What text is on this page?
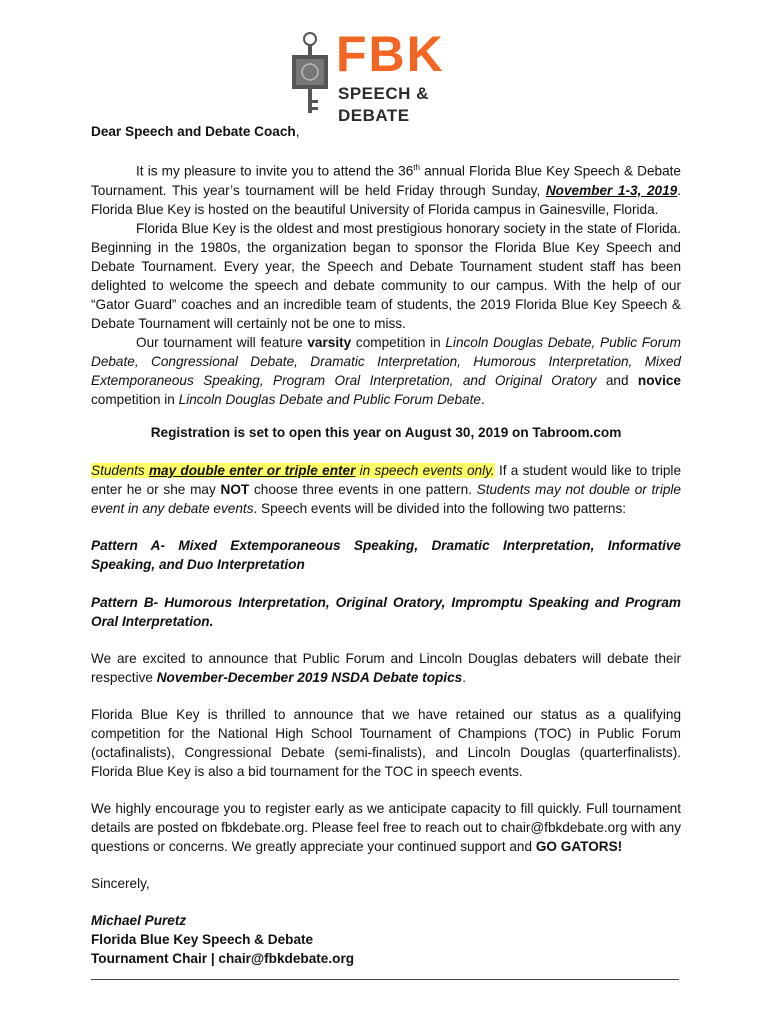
FBK
SPEECH & DEBATE

Dear Speech and Debate Coach,

It is my pleasure to invite you to attend the 36th annual Florida Blue Key Speech & Debate Tournament. This year’s tournament will be held Friday through Sunday, November 1-3, 2019. Florida Blue Key is hosted on the beautiful University of Florida campus in Gainesville, Florida.

Florida Blue Key is the oldest and most prestigious honorary society in the state of Florida. Beginning in the 1980s, the organization began to sponsor the Florida Blue Key Speech and Debate Tournament. Every year, the Speech and Debate Tournament student staff has been delighted to welcome the speech and debate community to our campus. With the help of our “Gator Guard” coaches and an incredible team of students, the 2019 Florida Blue Key Speech & Debate Tournament will certainly not be one to miss.

Our tournament will feature varsity competition in Lincoln Douglas Debate, Public Forum Debate, Congressional Debate, Dramatic Interpretation, Humorous Interpretation, Mixed Extemporaneous Speaking, Program Oral Interpretation, and Original Oratory and novice competition in Lincoln Douglas Debate and Public Forum Debate.

Registration is set to open this year on August 30, 2019 on Tabroom.com

Students may double enter or triple enter in speech events only. If a student would like to triple enter he or she may NOT choose three events in one pattern. Students may not double or triple event in any debate events. Speech events will be divided into the following two patterns:

Pattern A- Mixed Extemporaneous Speaking, Dramatic Interpretation, Informative Speaking, and Duo Interpretation

Pattern B- Humorous Interpretation, Original Oratory, Impromptu Speaking and Program Oral Interpretation.

We are excited to announce that Public Forum and Lincoln Douglas debaters will debate their respective November-December 2019 NSDA Debate topics.

Florida Blue Key is thrilled to announce that we have retained our status as a qualifying competition for the National High School Tournament of Champions (TOC) in Public Forum (octafinalists), Congressional Debate (semi-finalists), and Lincoln Douglas (quarterfinalists). Florida Blue Key is also a bid tournament for the TOC in speech events.

We highly encourage you to register early as we anticipate capacity to fill quickly. Full tournament details are posted on fbkdebate.org. Please feel free to reach out to chair@fbkdebate.org with any questions or concerns. We greatly appreciate your continued support and GO GATORS!

Sincerely,

Michael Puretz

Florida Blue Key Speech & Debate

Tournament Chair | chair@fbkdebate.org
